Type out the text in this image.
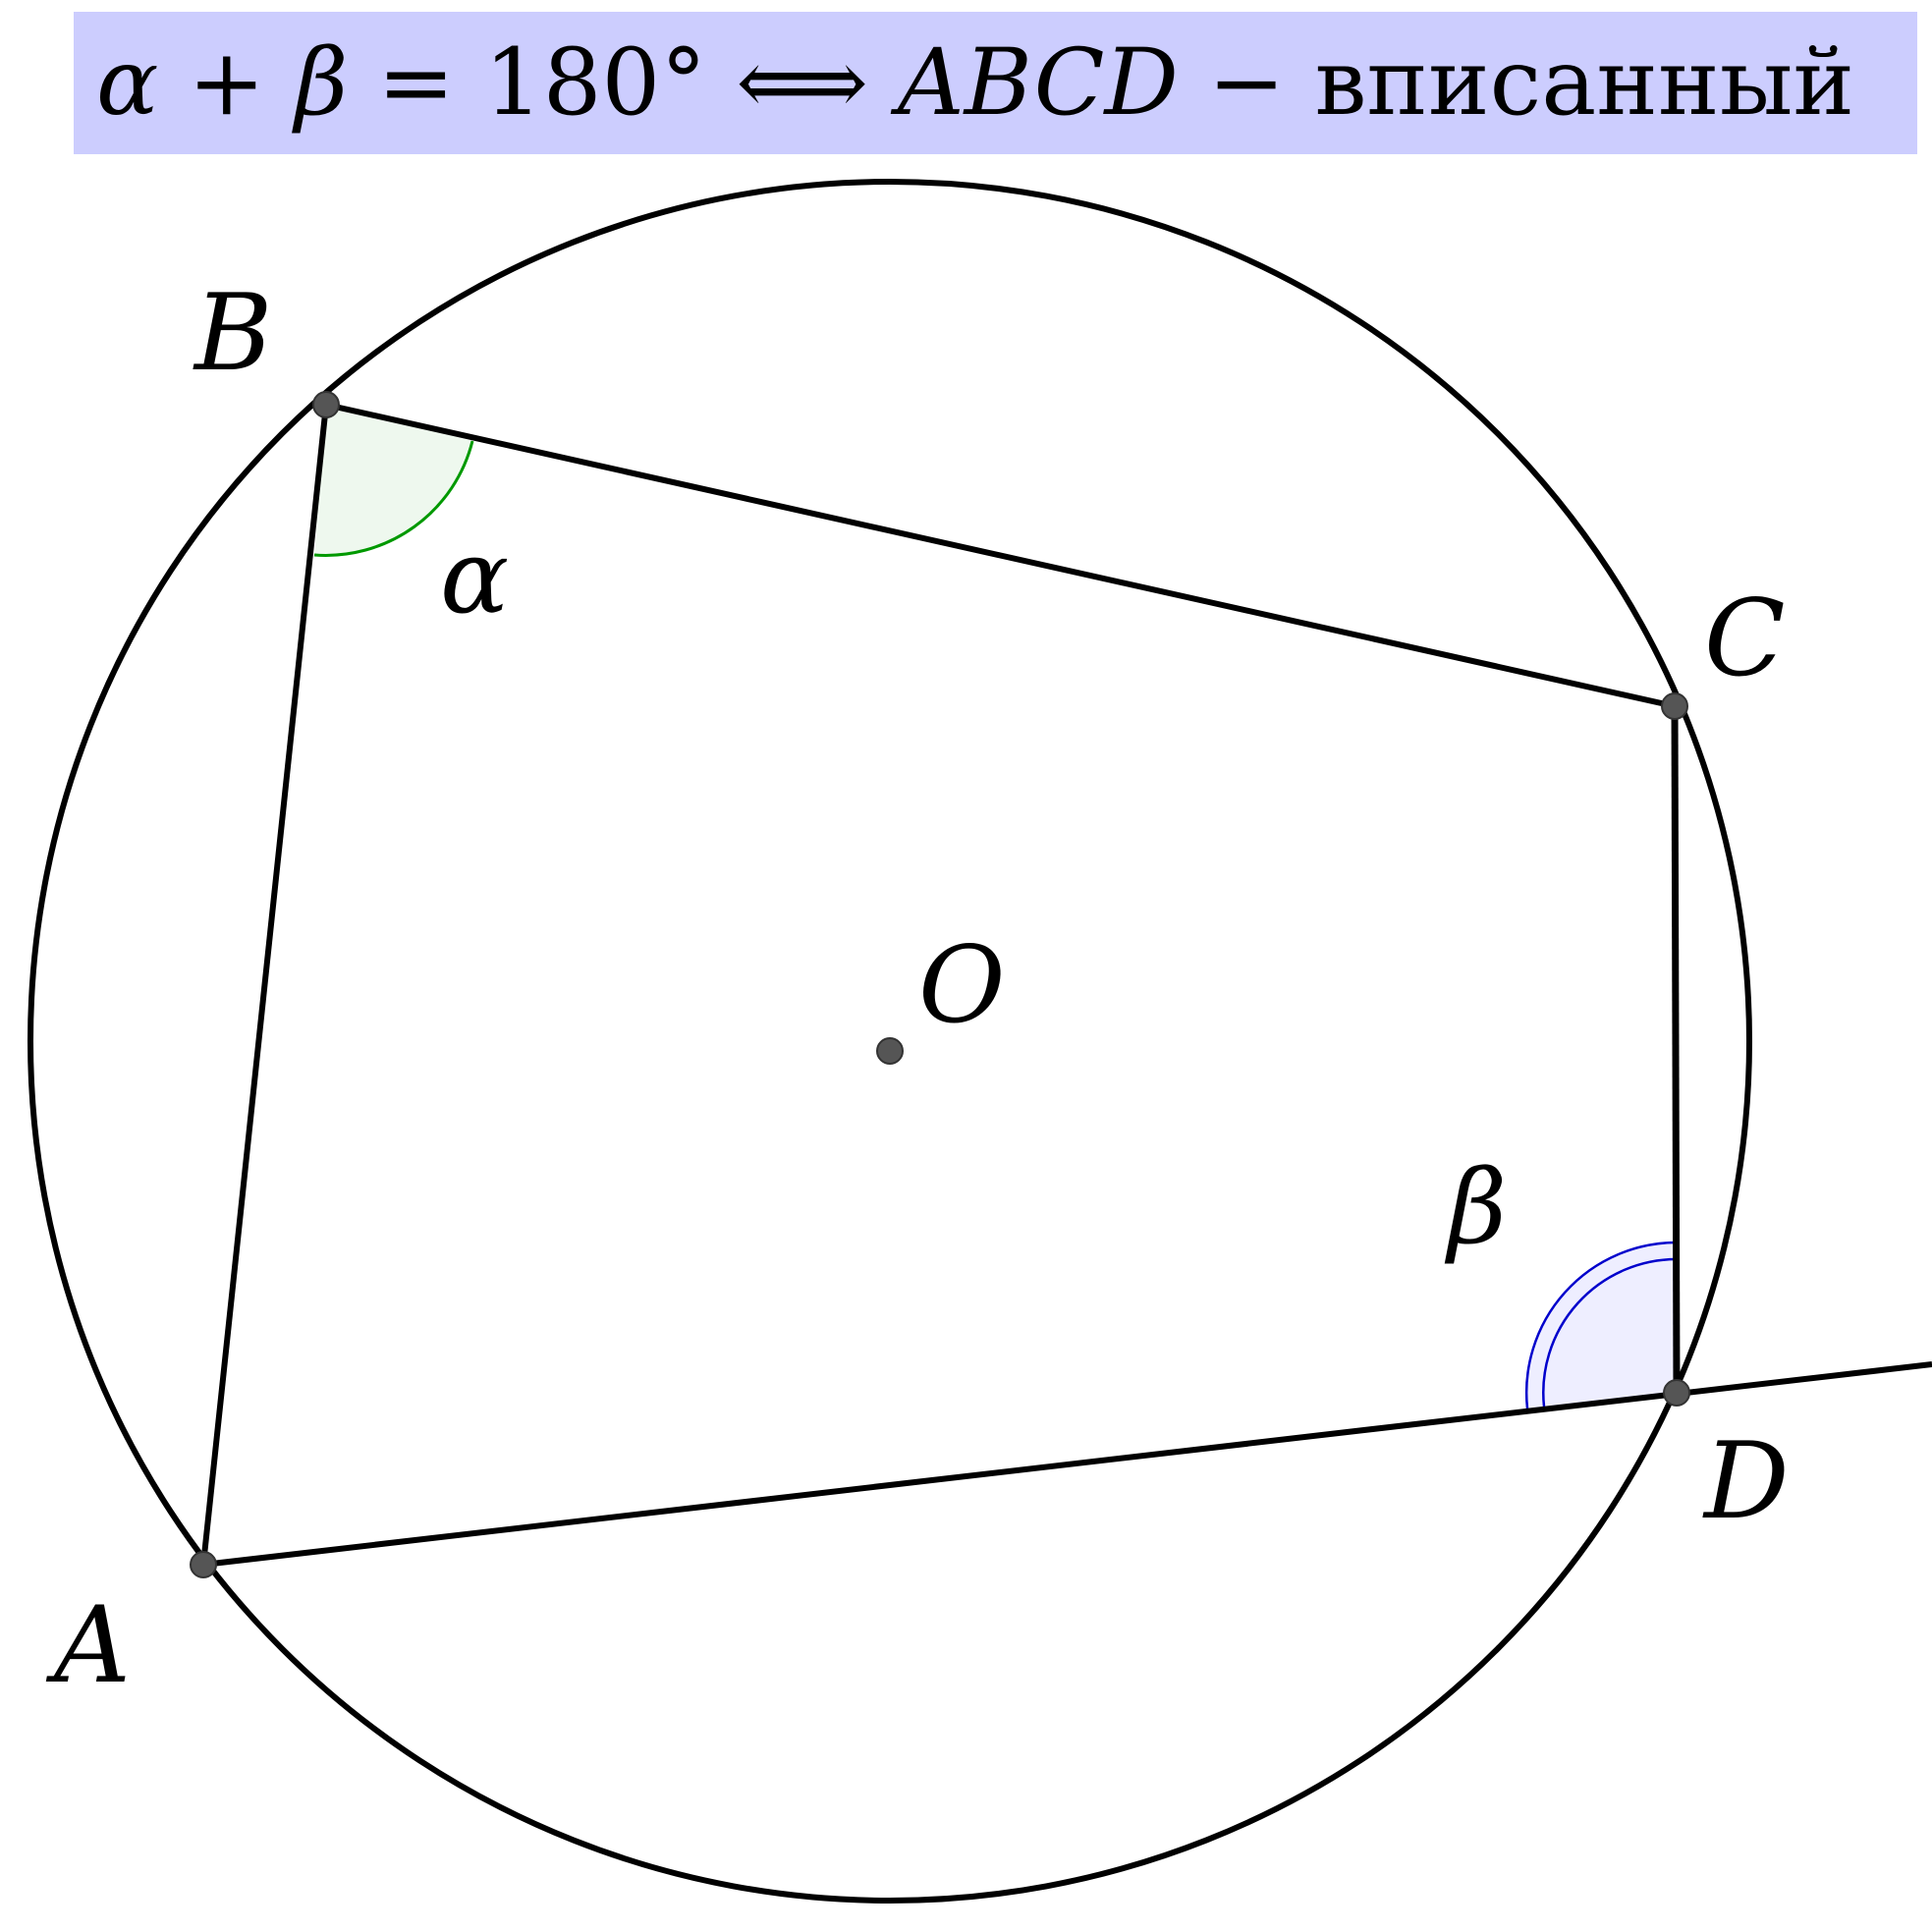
α + β = 180° ⟺ ABCD − вписанный
A
B
C
D
O
α
β
